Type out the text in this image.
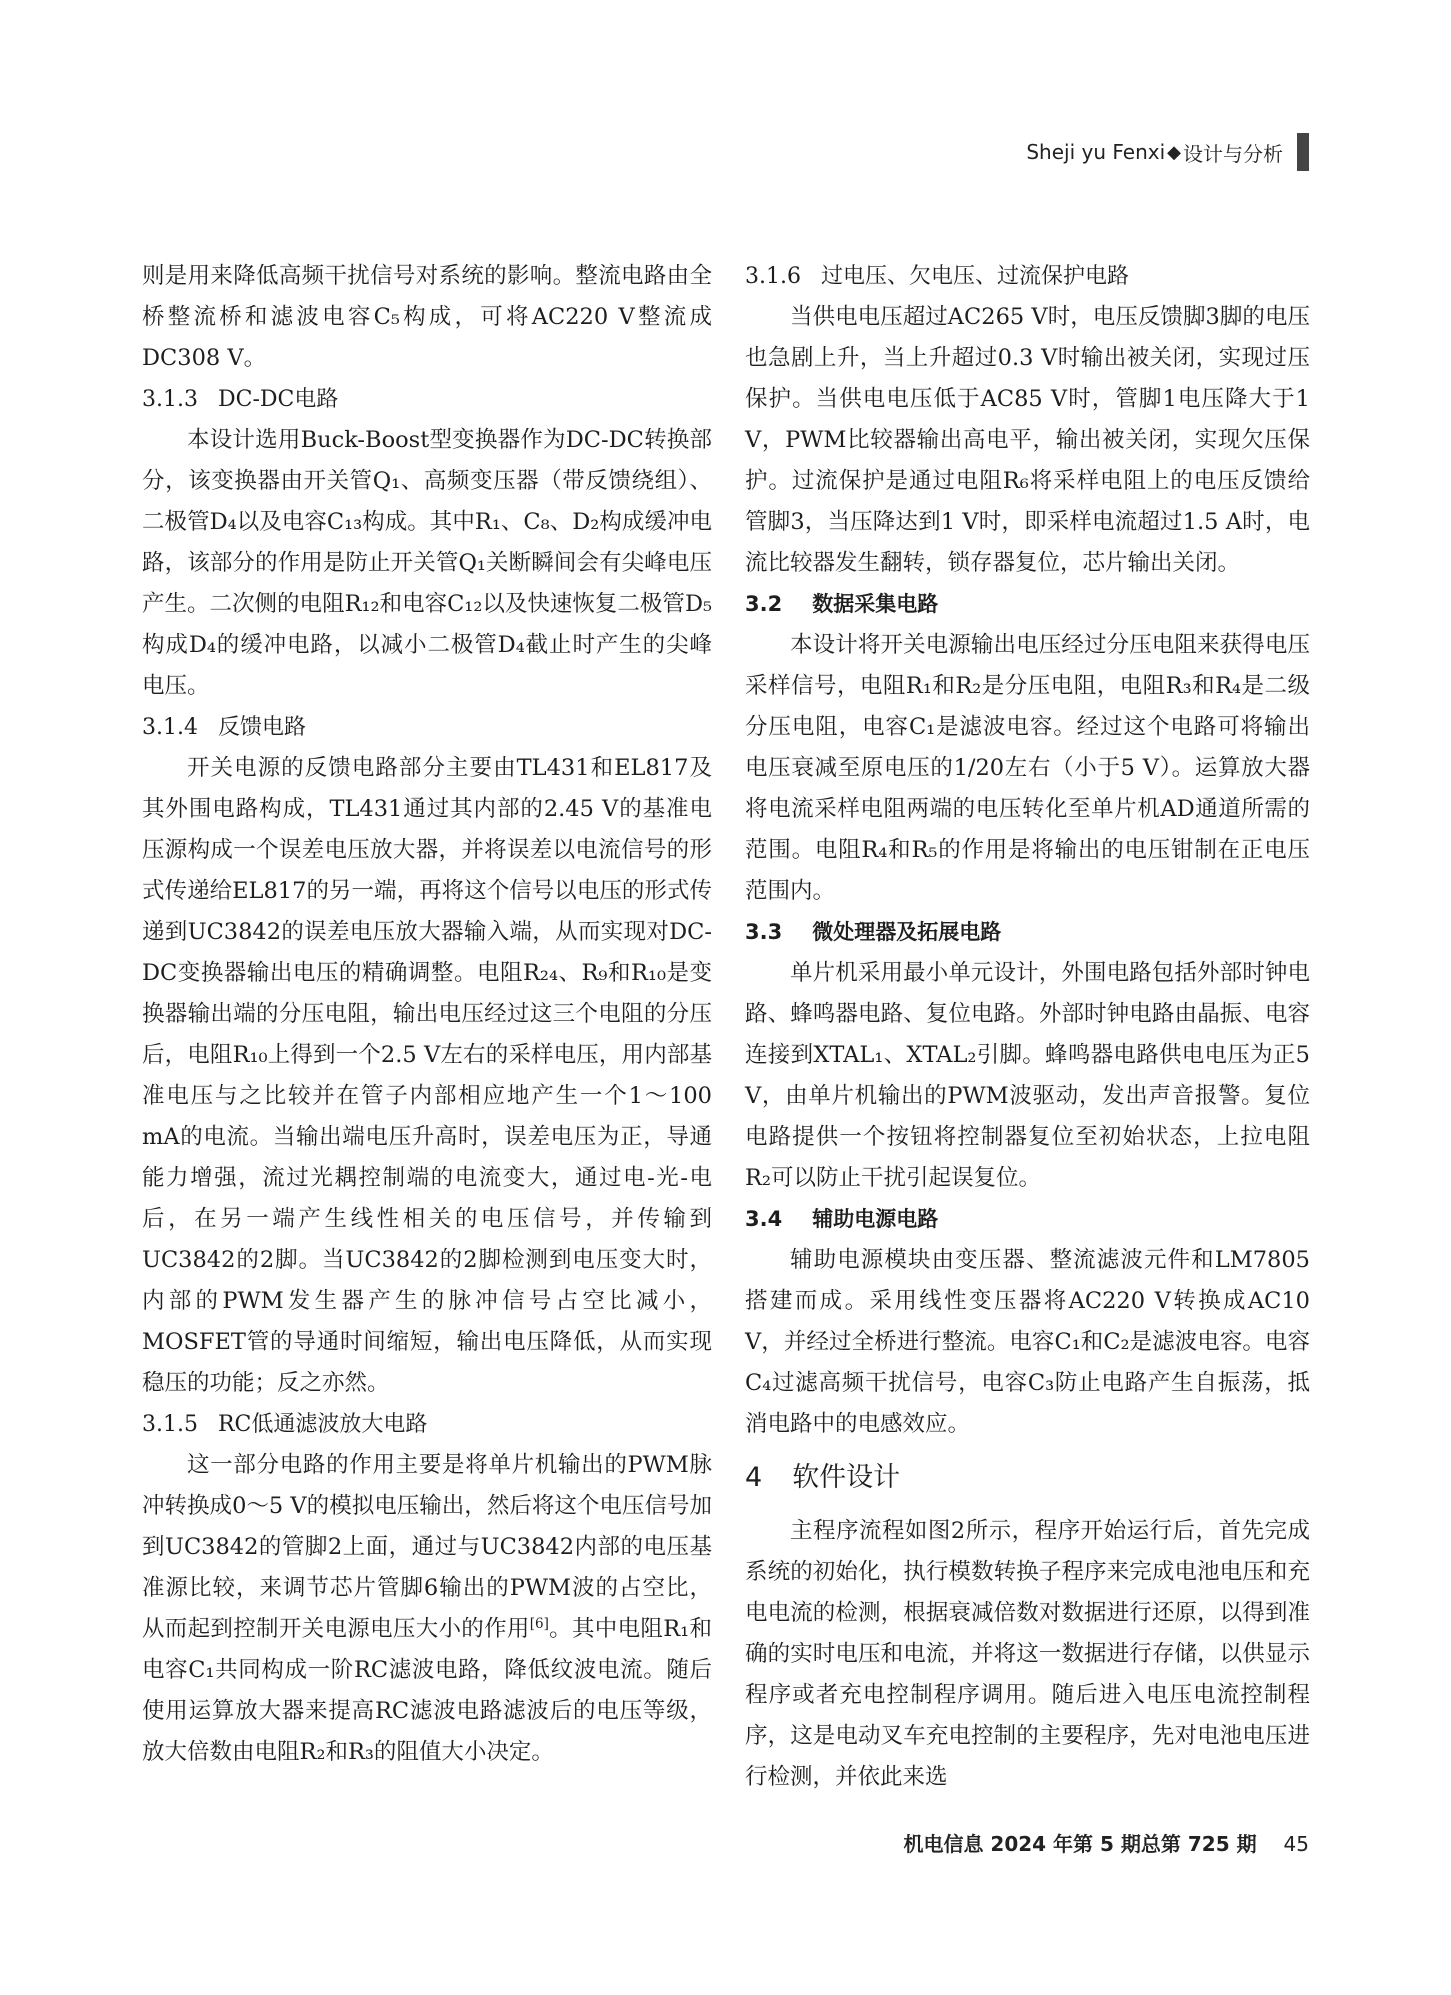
Sheji yu Fenxi ◆ 设计与分析

则是用来降低高频干扰信号对系统的影响。整流电路由全桥整流桥和滤波电容C₅构成，可将AC220 V整流成DC308 V。

3.1.3 DC-DC电路

本设计选用Buck-Boost型变换器作为DC-DC转换部分，该变换器由开关管Q₁、高频变压器（带反馈绕组）、二极管D₄以及电容C₁₃构成。其中R₁、C₈、D₂构成缓冲电路，该部分的作用是防止开关管Q₁关断瞬间会有尖峰电压产生。二次侧的电阻R₁₂和电容C₁₂以及快速恢复二极管D₅构成D₄的缓冲电路，以减小二极管D₄截止时产生的尖峰电压。

3.1.4 反馈电路

开关电源的反馈电路部分主要由TL431和EL817及其外围电路构成，TL431通过其内部的2.45 V的基准电压源构成一个误差电压放大器，并将误差以电流信号的形式传递给EL817的另一端，再将这个信号以电压的形式传递到UC3842的误差电压放大器输入端，从而实现对DC-DC变换器输出电压的精确调整。电阻R₂₄、R₉和R₁₀是变换器输出端的分压电阻，输出电压经过这三个电阻的分压后，电阻R₁₀上得到一个2.5 V左右的采样电压，用内部基准电压与之比较并在管子内部相应地产生一个1～100 mA的电流。当输出端电压升高时，误差电压为正，导通能力增强，流过光耦控制端的电流变大，通过电-光-电后，在另一端产生线性相关的电压信号，并传输到UC3842的2脚。当UC3842的2脚检测到电压变大时，内部的PWM发生器产生的脉冲信号占空比减小，MOSFET管的导通时间缩短，输出电压降低，从而实现稳压的功能；反之亦然。

3.1.5 RC低通滤波放大电路

这一部分电路的作用主要是将单片机输出的PWM脉冲转换成0～5 V的模拟电压输出，然后将这个电压信号加到UC3842的管脚2上面，通过与UC3842内部的电压基准源比较，来调节芯片管脚6输出的PWM波的占空比，从而起到控制开关电源电压大小的作用[6]。其中电阻R₁和电容C₁共同构成一阶RC滤波电路，降低纹波电流。随后使用运算放大器来提高RC滤波电路滤波后的电压等级，放大倍数由电阻R₂和R₃的阻值大小决定。

3.1.6 过电压、欠电压、过流保护电路

当供电电压超过AC265 V时，电压反馈脚3脚的电压也急剧上升，当上升超过0.3 V时输出被关闭，实现过压保护。当供电电压低于AC85 V时，管脚1电压降大于1 V，PWM比较器输出高电平，输出被关闭，实现欠压保护。过流保护是通过电阻R₆将采样电阻上的电压反馈给管脚3，当压降达到1 V时，即采样电流超过1.5 A时，电流比较器发生翻转，锁存器复位，芯片输出关闭。

3.2 数据采集电路

本设计将开关电源输出电压经过分压电阻来获得电压采样信号，电阻R₁和R₂是分压电阻，电阻R₃和R₄是二级分压电阻，电容C₁是滤波电容。经过这个电路可将输出电压衰减至原电压的1/20左右（小于5 V）。运算放大器将电流采样电阻两端的电压转化至单片机AD通道所需的范围。电阻R₄和R₅的作用是将输出的电压钳制在正电压范围内。

3.3 微处理器及拓展电路

单片机采用最小单元设计，外围电路包括外部时钟电路、蜂鸣器电路、复位电路。外部时钟电路由晶振、电容连接到XTAL₁、XTAL₂引脚。蜂鸣器电路供电电压为正5 V，由单片机输出的PWM波驱动，发出声音报警。复位电路提供一个按钮将控制器复位至初始状态，上拉电阻R₂可以防止干扰引起误复位。

3.4 辅助电源电路

辅助电源模块由变压器、整流滤波元件和LM7805搭建而成。采用线性变压器将AC220 V转换成AC10 V，并经过全桥进行整流。电容C₁和C₂是滤波电容。电容C₄过滤高频干扰信号，电容C₃防止电路产生自振荡，抵消电路中的电感效应。

4 软件设计

主程序流程如图2所示，程序开始运行后，首先完成系统的初始化，执行模数转换子程序来完成电池电压和充电电流的检测，根据衰减倍数对数据进行还原，以得到准确的实时电压和电流，并将这一数据进行存储，以供显示程序或者充电控制程序调用。随后进入电压电流控制程序，这是电动叉车充电控制的主要程序，先对电池电压进行检测，并依此来选

机电信息 2024 年第 5 期总第 725 期 45
